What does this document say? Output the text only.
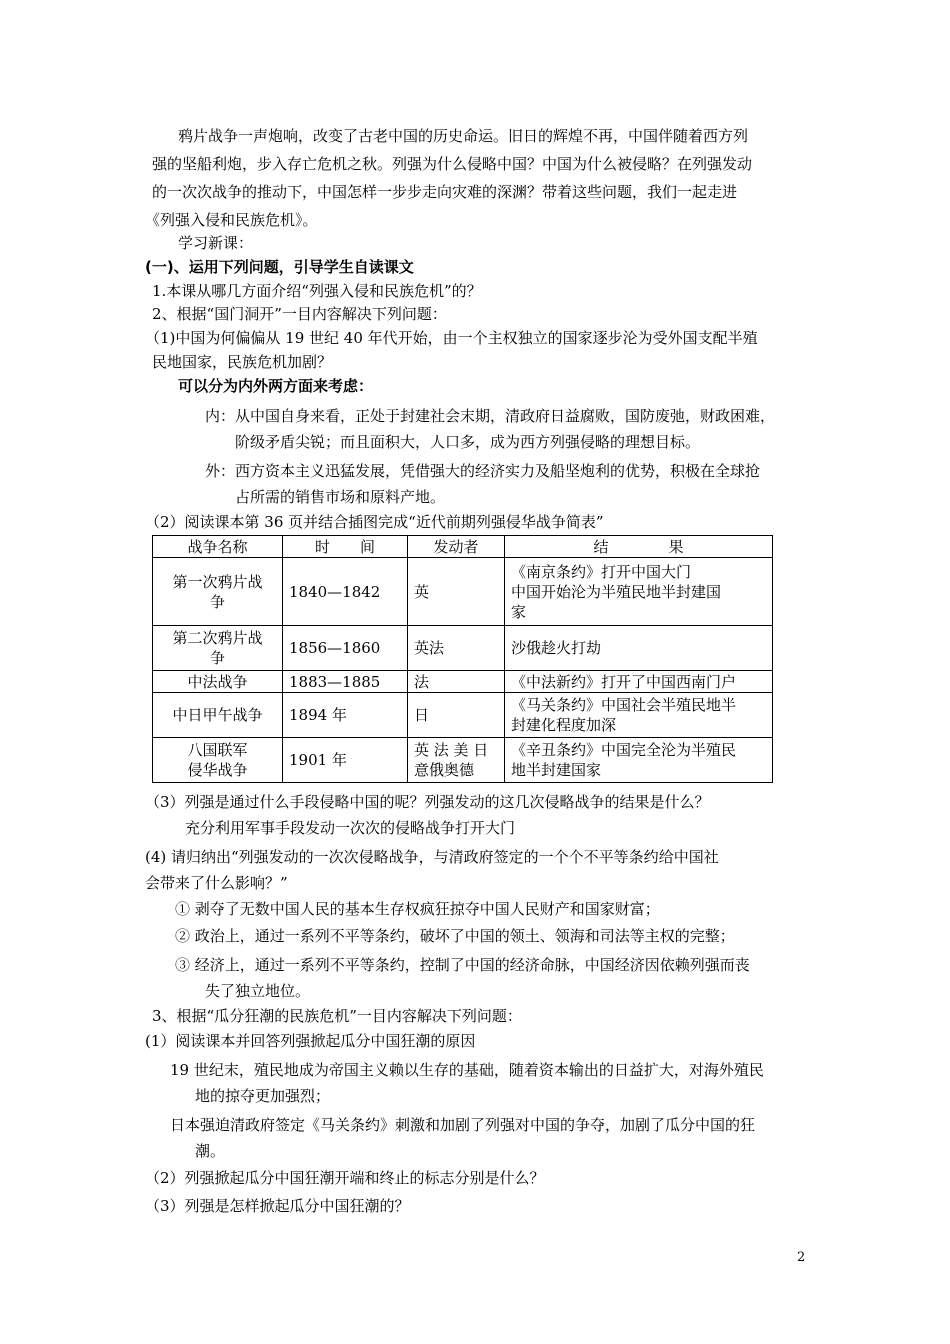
鸦片战争一声炮响，改变了古老中国的历史命运。旧日的辉煌不再，中国伴随着西方列
强的坚船利炮，步入存亡危机之秋。列强为什么侵略中国？中国为什么被侵略？在列强发动
的一次次战争的推动下，中国怎样一步步走向灾难的深渊？带着这些问题，我们一起走进
《列强入侵和民族危机》。
学习新课：
(一)、运用下列问题，引导学生自读课文
1.本课从哪几方面介绍“列强入侵和民族危机”的？
2、根据“国门洞开”一目内容解决下列问题：
（1)中国为何偏偏从 19 世纪 40 年代开始，由一个主权独立的国家逐步沦为受外国支配半殖
民地国家，民族危机加剧？
可以分为内外两方面来考虑：
内：从中国自身来看，正处于封建社会末期，清政府日益腐败，国防废弛，财政困难，
阶级矛盾尖锐；而且面积大，人口多，成为西方列强侵略的理想目标。
外：西方资本主义迅猛发展，凭借强大的经济实力及船坚炮利的优势，积极在全球抢
占所需的销售市场和原料产地。
（2）阅读课本第 36 页并结合插图完成“近代前期列强侵华战争简表”
战争名称	时　　间	发动者	结　　　　果
第一次鸦片战
争	1840—1842	英	《南京条约》打开中国大门
中国开始沦为半殖民地半封建国
家
第二次鸦片战
争	1856—1860	英法	沙俄趁火打劫
中法战争	1883—1885	法	《中法新约》打开了中国西南门户
中日甲午战争	1894 年	日	《马关条约》中国社会半殖民地半
封建化程度加深
八国联军
侵华战争	1901 年	英 法 美 日
意俄奥德	《辛丑条约》中国完全沦为半殖民
地半封建国家
（3）列强是通过什么手段侵略中国的呢？列强发动的这几次侵略战争的结果是什么？
充分利用军事手段发动一次次的侵略战争打开大门
(4) 请归纳出“列强发动的一次次侵略战争，与清政府签定的一个个不平等条约给中国社
会带来了什么影响？”
① 剥夺了无数中国人民的基本生存权疯狂掠夺中国人民财产和国家财富；
② 政治上，通过一系列不平等条约，破坏了中国的领土、领海和司法等主权的完整；
③ 经济上，通过一系列不平等条约，控制了中国的经济命脉，中国经济因依赖列强而丧
失了独立地位。
3、根据“瓜分狂潮的民族危机”一目内容解决下列问题：
(1）阅读课本并回答列强掀起瓜分中国狂潮的原因
19 世纪末，殖民地成为帝国主义赖以生存的基础，随着资本输出的日益扩大，对海外殖民
地的掠夺更加强烈；
日本强迫清政府签定《马关条约》刺激和加剧了列强对中国的争夺，加剧了瓜分中国的狂
潮。
（2）列强掀起瓜分中国狂潮开端和终止的标志分别是什么？
（3）列强是怎样掀起瓜分中国狂潮的？
2
